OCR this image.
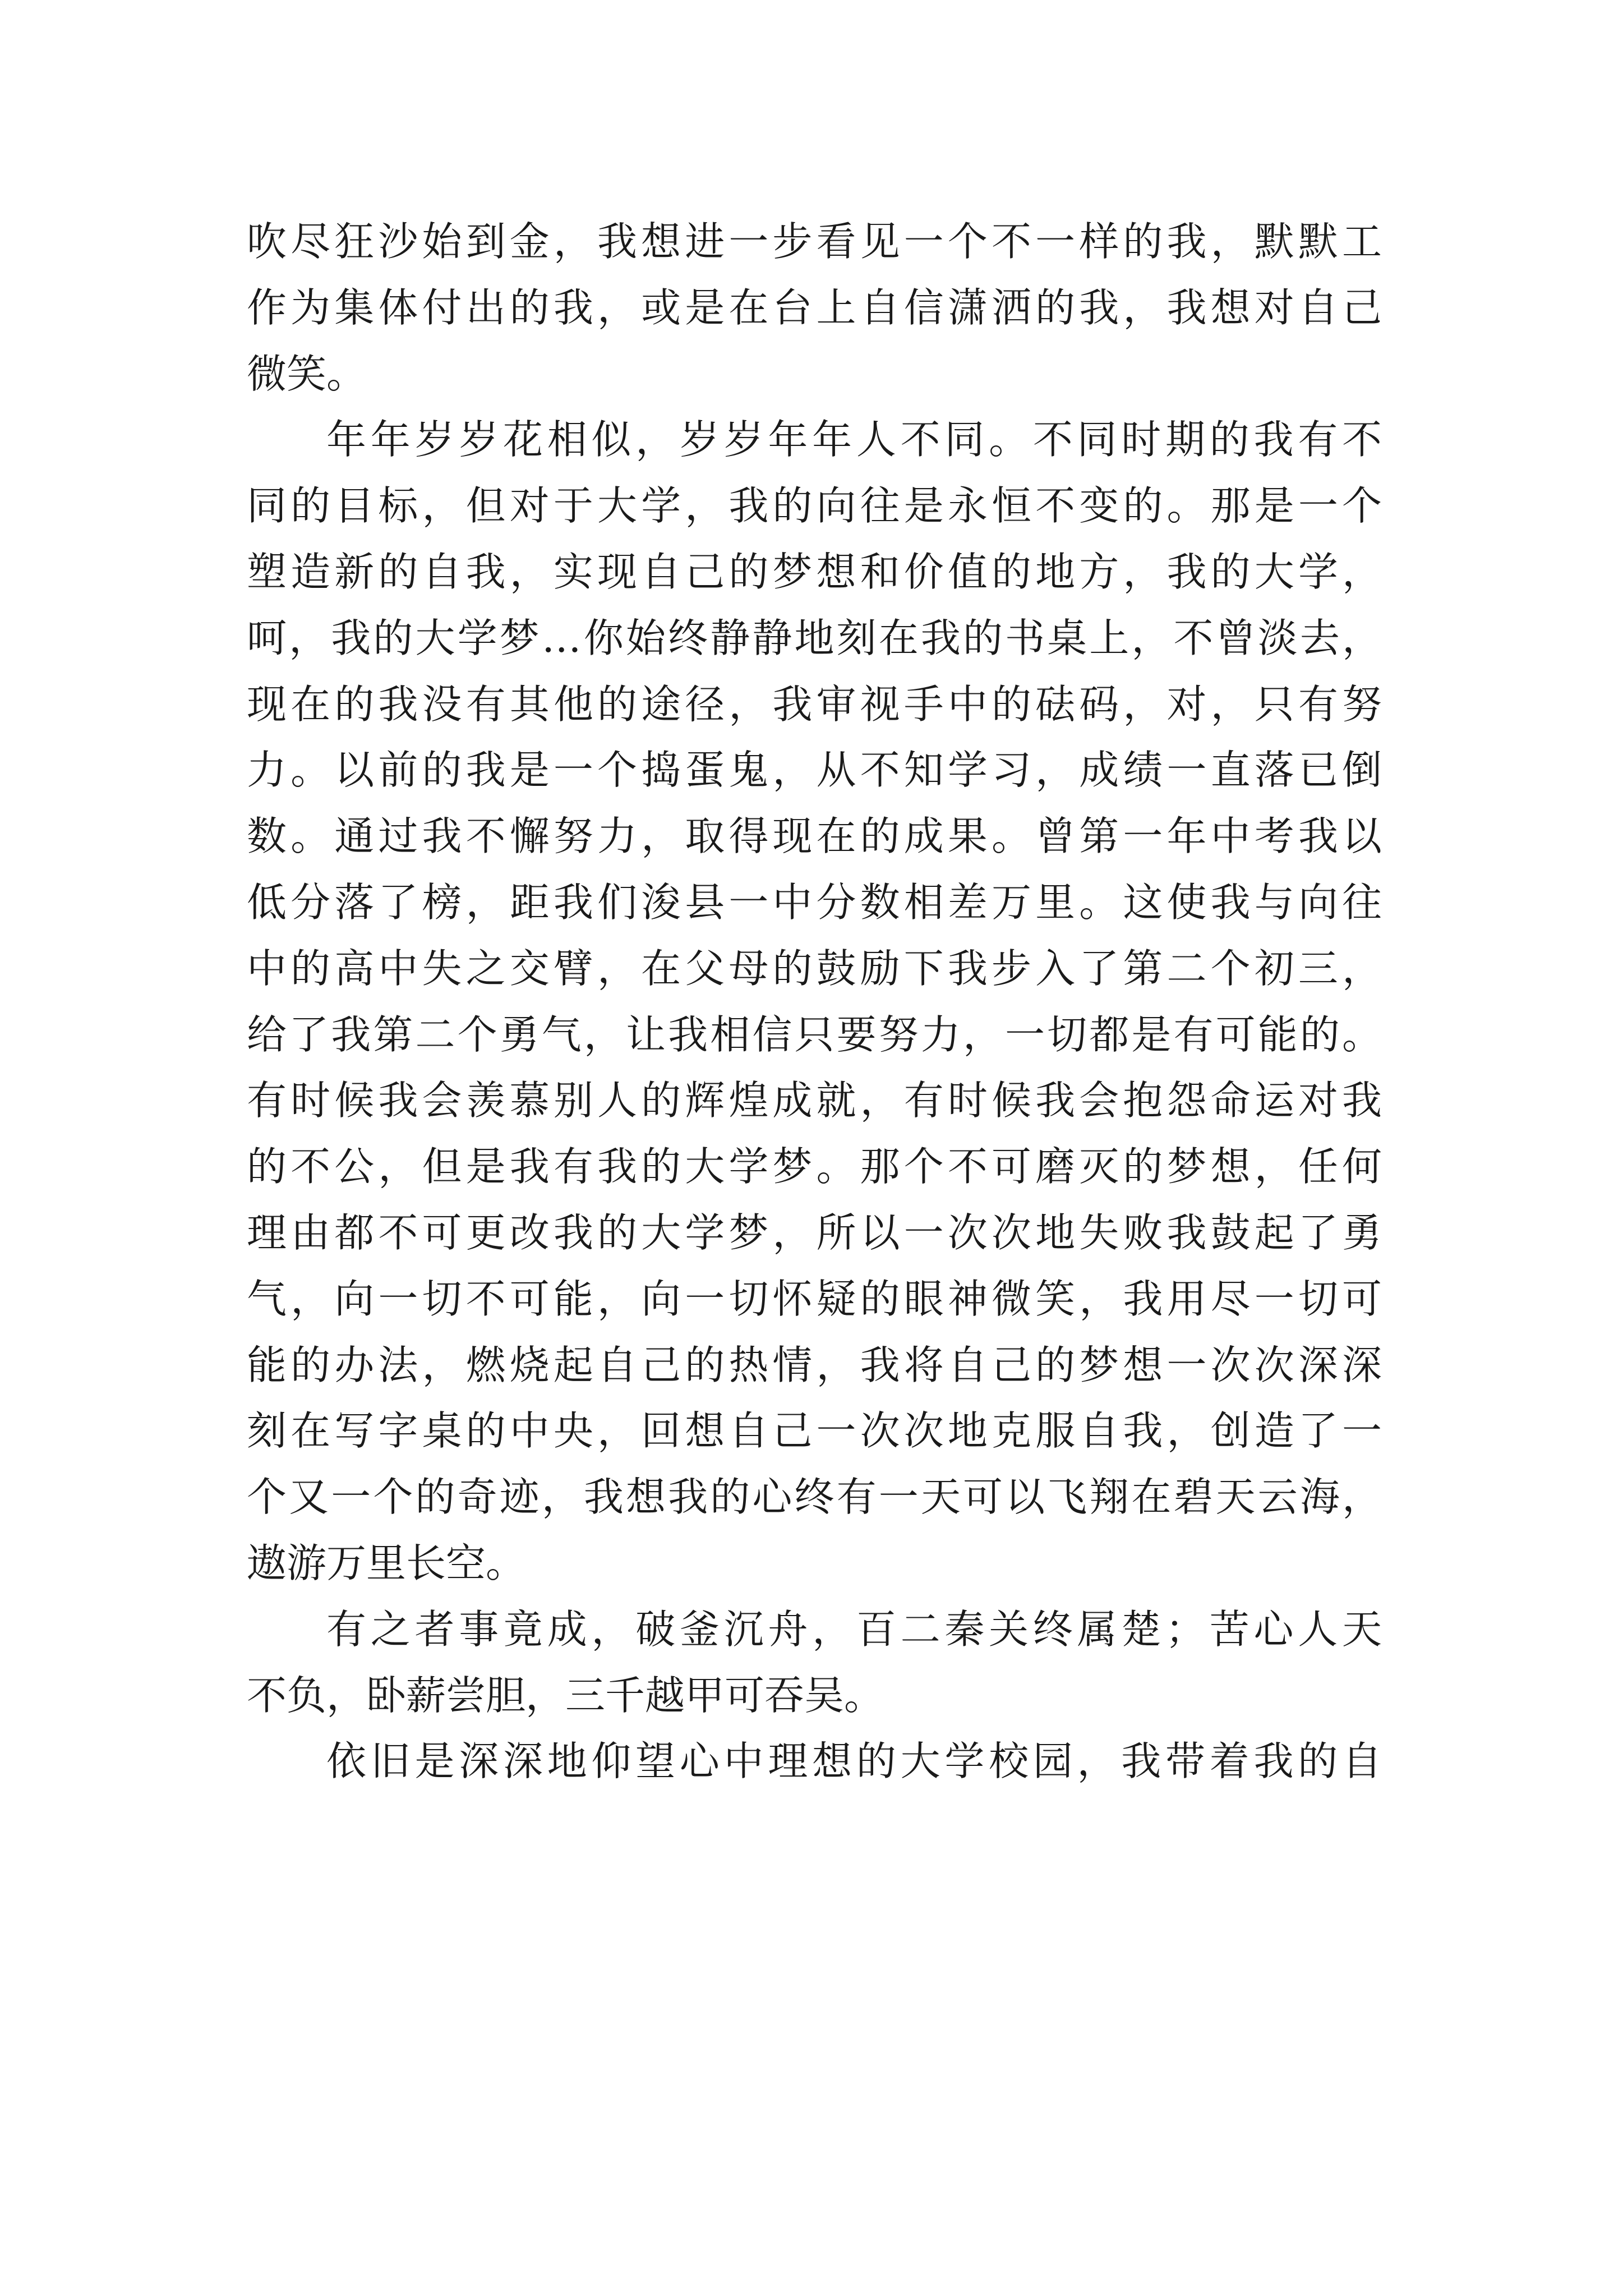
吹尽狂沙始到金，我想进一步看见一个不一样的我，默默工
作为集体付出的我，或是在台上自信潇洒的我，我想对自己
微笑。
年年岁岁花相似，岁岁年年人不同。不同时期的我有不
同的目标，但对于大学，我的向往是永恒不变的。那是一个
塑造新的自我，实现自己的梦想和价值的地方，我的大学，
呵，我的大学梦…你始终静静地刻在我的书桌上，不曾淡去，
现在的我没有其他的途径，我审视手中的砝码，对，只有努
力。以前的我是一个捣蛋鬼，从不知学习，成绩一直落已倒
数。通过我不懈努力，取得现在的成果。曾第一年中考我以
低分落了榜，距我们浚县一中分数相差万里。这使我与向往
中的高中失之交臂，在父母的鼓励下我步入了第二个初三，
给了我第二个勇气，让我相信只要努力，一切都是有可能的。
有时候我会羡慕别人的辉煌成就，有时候我会抱怨命运对我
的不公，但是我有我的大学梦。那个不可磨灭的梦想，任何
理由都不可更改我的大学梦，所以一次次地失败我鼓起了勇
气，向一切不可能，向一切怀疑的眼神微笑，我用尽一切可
能的办法，燃烧起自己的热情，我将自己的梦想一次次深深
刻在写字桌的中央，回想自己一次次地克服自我，创造了一
个又一个的奇迹，我想我的心终有一天可以飞翔在碧天云海，
遨游万里长空。
有之者事竟成，破釜沉舟，百二秦关终属楚；苦心人天
不负，卧薪尝胆，三千越甲可吞吴。
依旧是深深地仰望心中理想的大学校园，我带着我的自
